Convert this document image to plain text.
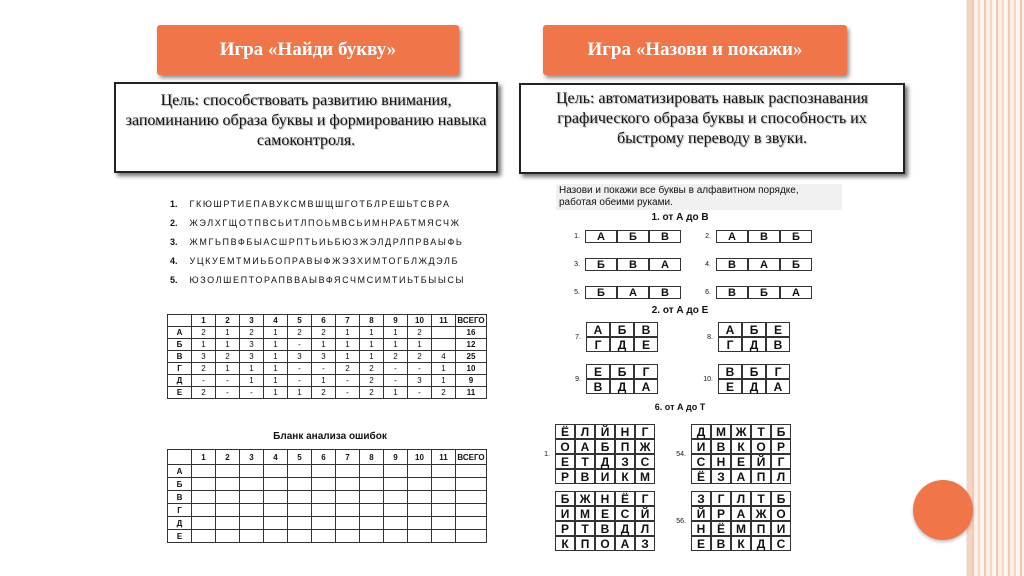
Игра «Найди букву»
Цель: способствовать развитию внимания, запоминанию образа буквы и формированию навыка самоконтроля.
1. ГКЮШРТИЕПАВУКСМВШЩШГОТБЛРЕШЬТСВРА
2. ЖЭЛХГЩОТПВСЬИТЛПОЬМВСЬИМНРАБТМЯСЧЖ
3. ЖМГЬПВФБЫАСШРПТЬИЬБЮЗЖЭЛДРЛПРВАЫФЬ
4. УЦКУЕМТМИЬБОПРАВЫФЖЭЗХИМТОГБЛЖДЭЛБ
5. ЮЗОЛШЕПТОРАПВВАЫВФЯСЧМСИМТИЬТБЫЫСЫ
	1	2	3	4	5	6	7	8	9	10	11	ВСЕГО
А	2	1	2	1	2	2	1	1	1	2		16
Б	1	1	3	1	-	1	1	1	1	1		12
В	3	2	3	1	3	3	1	1	2	2	4	25
Г	2	1	1	1	-	-	2	2	-	-	1	10
Д	-	-	1	1	-	1	-	2	-	3	1	9
Е	2	-	-	1	1	2	-	2	1	-	2	11
Бланк анализа ошибок
	1	2	3	4	5	6	7	8	9	10	11	ВСЕГО
А												
Б												
В												
Г												
Д												
Е												
Игра «Назови и покажи»
Цель: автоматизировать навык распознавания графического образа буквы и способность их быстрому переводу в звуки.
Назови и покажи все буквы в алфавитном порядке, работая обеими руками.
1. от А до В
2. от А до Е
6. от А до Т
1.	А	Б	В	2.	А	В	Б
3.	Б	В	А	4.	В	А	Б
5.	Б	А	В	6.	В	Б	А
7.
А	Б	В
Г	Д	Е
8.
А	Б	Е
Г	Д	В
9.
Е	Б	Г
В	Д	А
10.
В	Б	Г
Е	Д	А
1.
Ё Л Й Н	Г
О А Б П Ж
Е	Т	Д З С
Р В И	К М
54.
Д М Ж Т	Б
И В	К О Р
С Н Е Й	Г
Ё	З А П Л
Б Ж Н Ё	Г
И М Е С Й
Р	Т В Д Л
К	П О А З
56.
З	Г	Л	Т	Б
Й Р А Ж О
Н Ё М П И
Е В	К	Д С
